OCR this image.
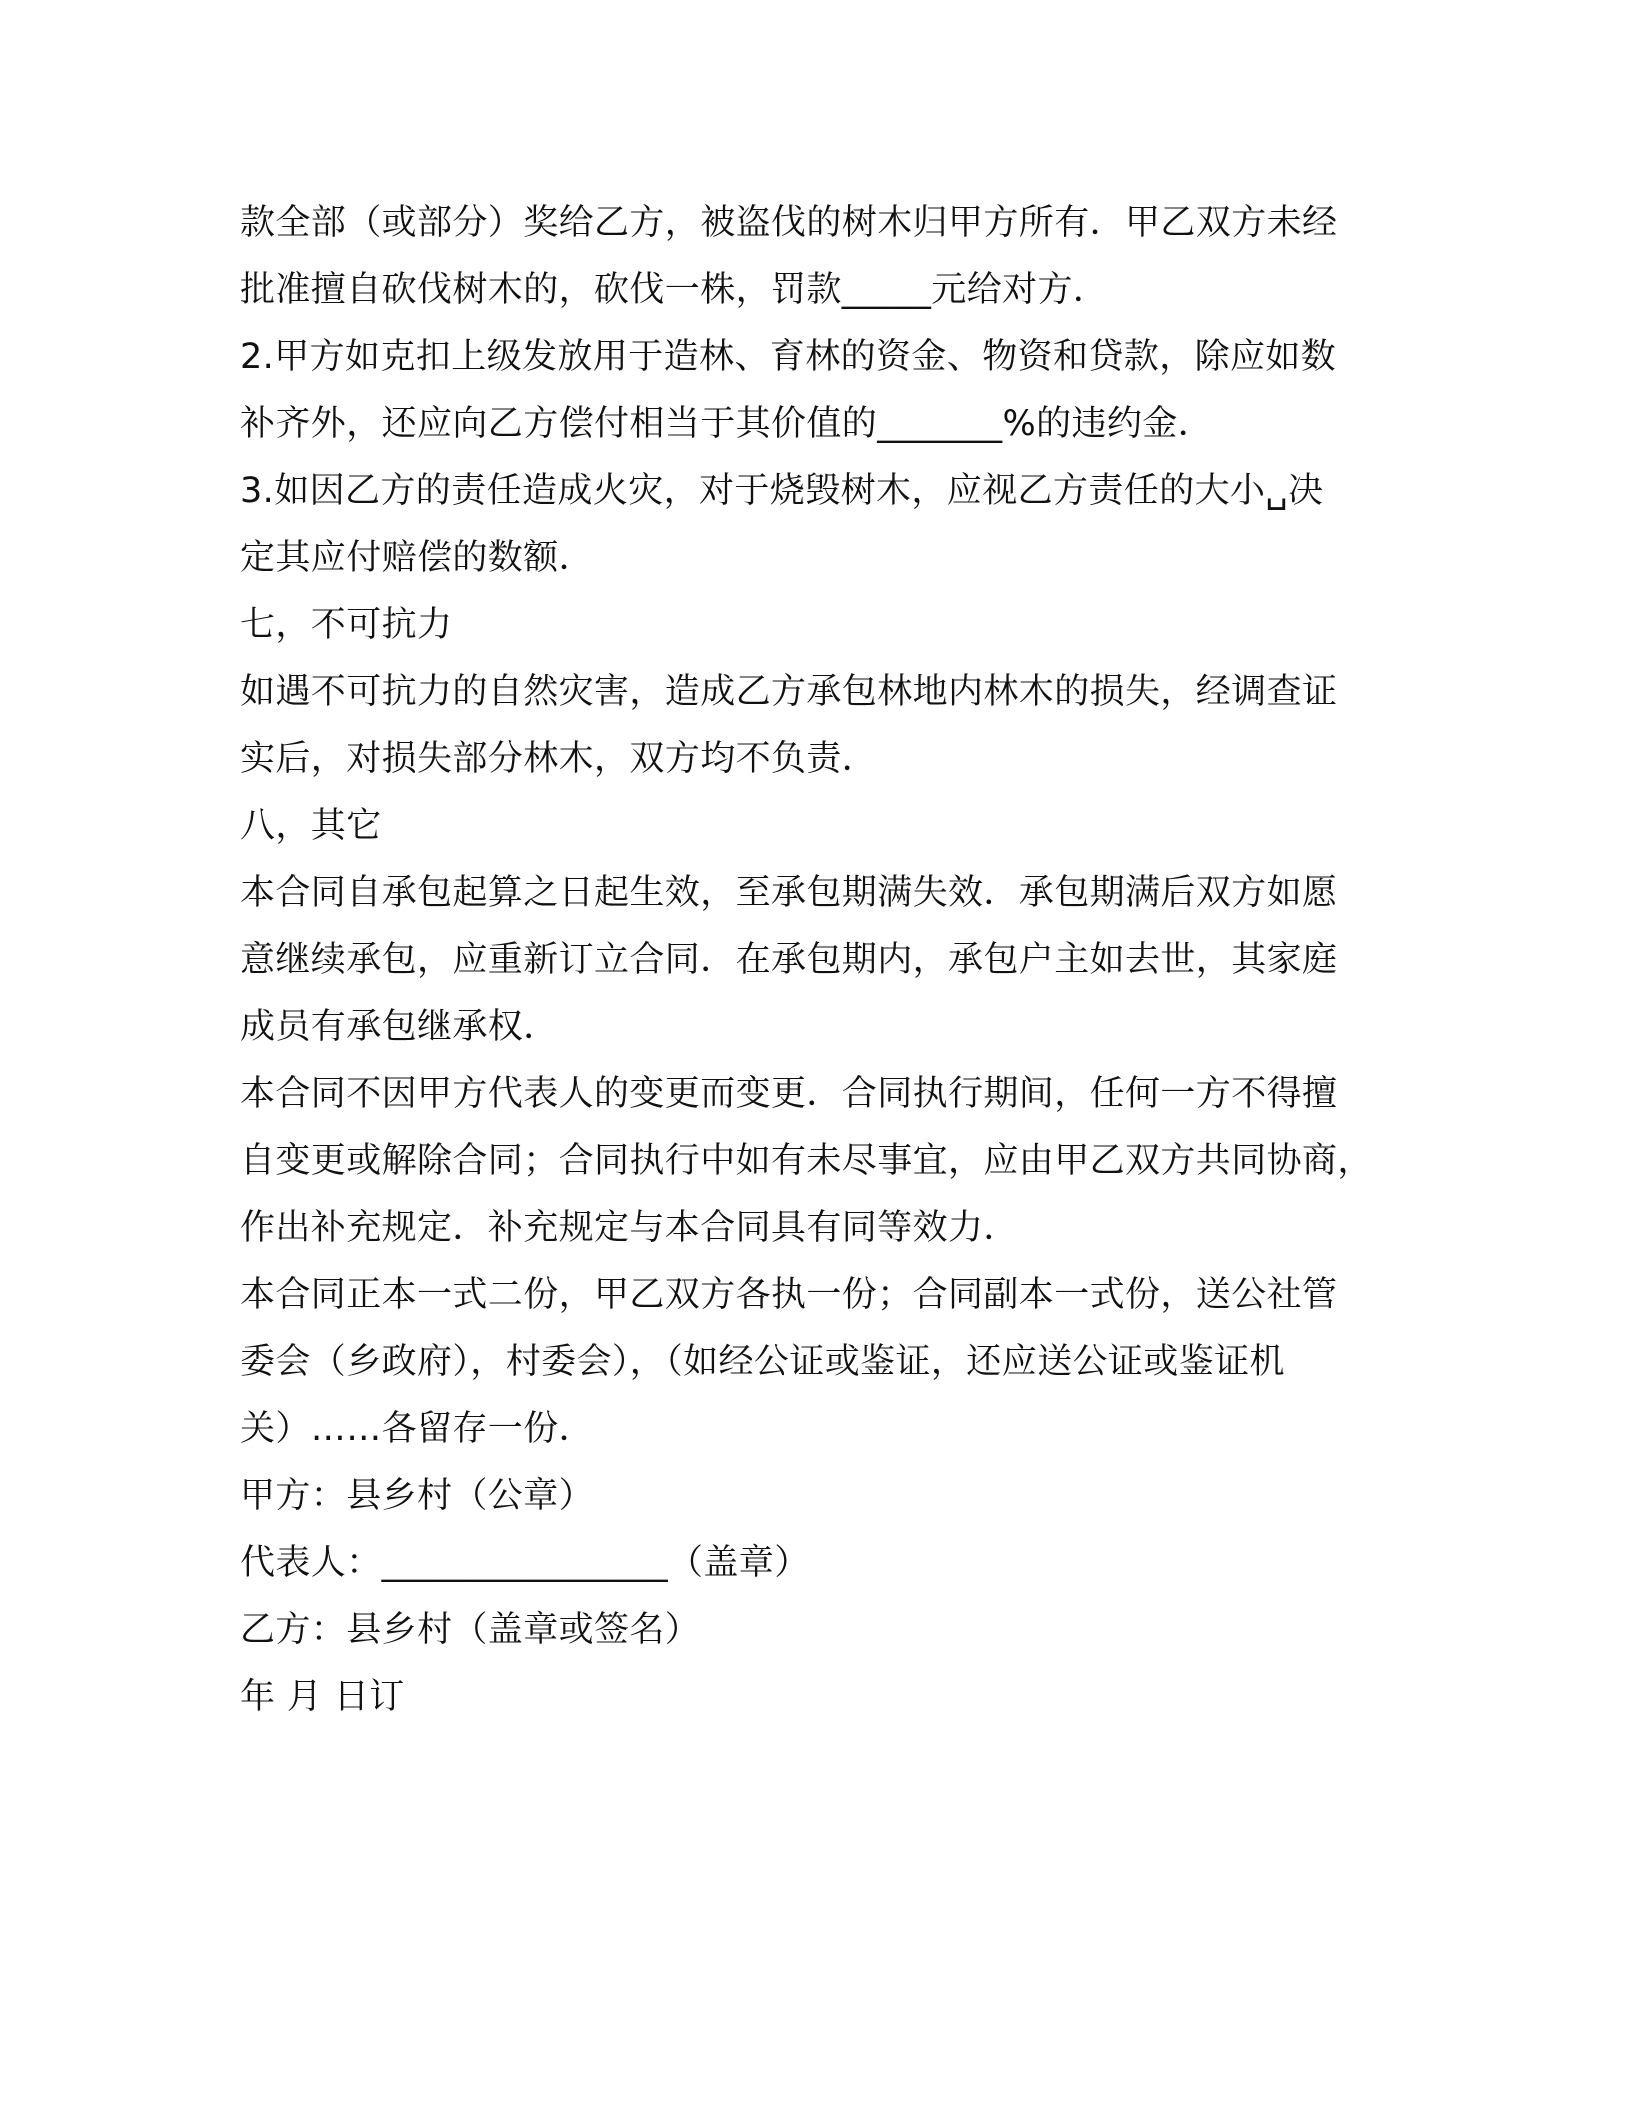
款全部（或部分）奖给乙方，被盗伐的树木归甲方所有．甲乙双方未经
批准擅自砍伐树木的，砍伐一株，罚款_____元给对方．
2.甲方如克扣上级发放用于造林、育林的资金、物资和贷款，除应如数
补齐外，还应向乙方偿付相当于其价值的_______%的违约金．
3.如因乙方的责任造成火灾，对于烧毁树木，应视乙方责任的大小␣决
定其应付赔偿的数额．
七，不可抗力
如遇不可抗力的自然灾害，造成乙方承包林地内林木的损失，经调查证
实后，对损失部分林木，双方均不负责．
八，其它
本合同自承包起算之日起生效，至承包期满失效．承包期满后双方如愿
意继续承包，应重新订立合同．在承包期内，承包户主如去世，其家庭
成员有承包继承权．
本合同不因甲方代表人的变更而变更．合同执行期间，任何一方不得擅
自变更或解除合同；合同执行中如有未尽事宜，应由甲乙双方共同协商，
作出补充规定．补充规定与本合同具有同等效力．
本合同正本一式二份，甲乙双方各执一份；合同副本一式份，送公社管
委会（乡政府），村委会），（如经公证或鉴证，还应送公证或鉴证机
关）……各留存一份．
甲方：县乡村（公章）
代表人：________________（盖章）
乙方：县乡村（盖章或签名）
年 月 日订
